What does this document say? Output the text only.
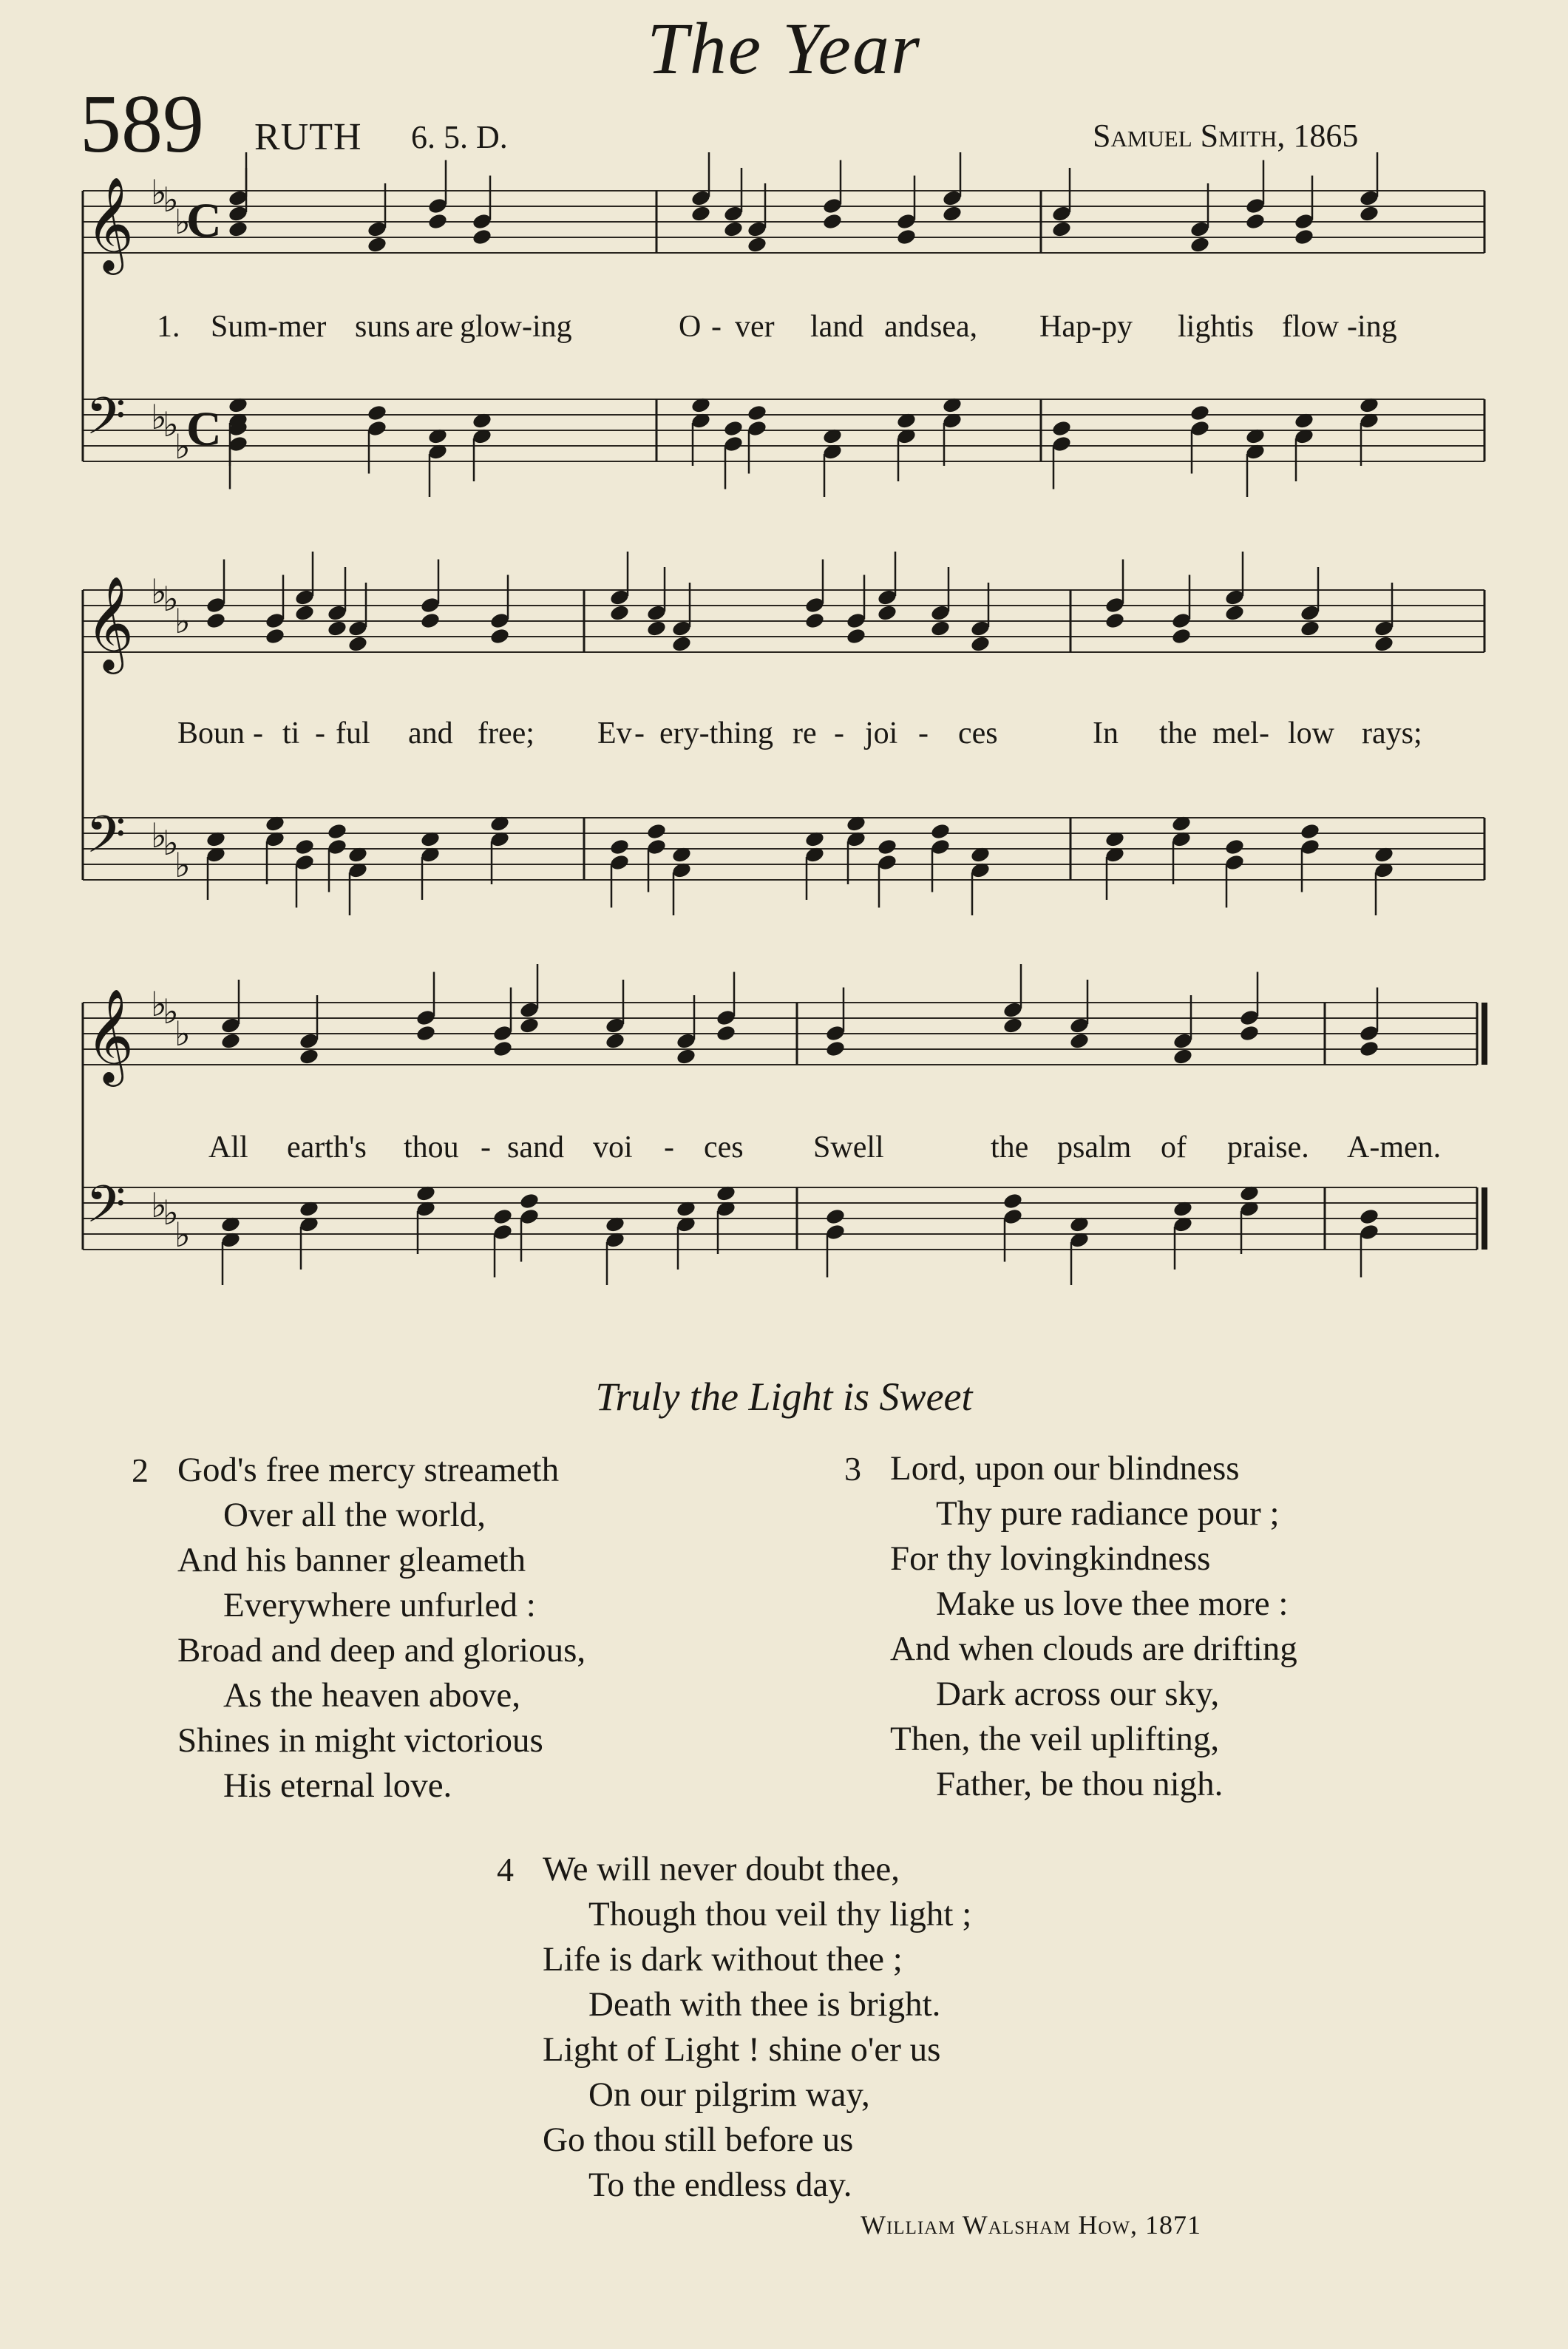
The Year
589 RUTH 6. 5. D.	Samuel Smith, 1865
𝄞
𝄢
♭
♭
♭
♭
♭
♭
C
C
𝄞
𝄢
♭
♭
♭
♭
♭
♭
𝄞
𝄢
♭
♭
♭
♭
♭
♭
1. Sum-mer suns are glow-ing	O - ver land and sea, Hap-py light
is flow -ing
Boun - ti - ful and free; Ev - ery-thing re - joi - ces	In the mel- low rays;
All earth's thou - sand voi - ces Swell	the psalm of praise. A-men.
Truly the Light is Sweet
2 God's free mercy streameth
Over all the world,
And his banner gleameth
Everywhere unfurled :
Broad and deep and glorious,
As the heaven above,
Shines in might victorious
His eternal love.
3 Lord, upon our blindness
Thy pure radiance pour ;
For thy lovingkindness
Make us love thee more :
And when clouds are drifting
Dark across our sky,
Then, the veil uplifting,
Father, be thou nigh.
4 We will never doubt thee,
Though thou veil thy light ;
Life is dark without thee ;
Death with thee is bright.
Light of Light ! shine o'er us
On our pilgrim way,
Go thou still before us
To the endless day.
William Walsham How, 1871
